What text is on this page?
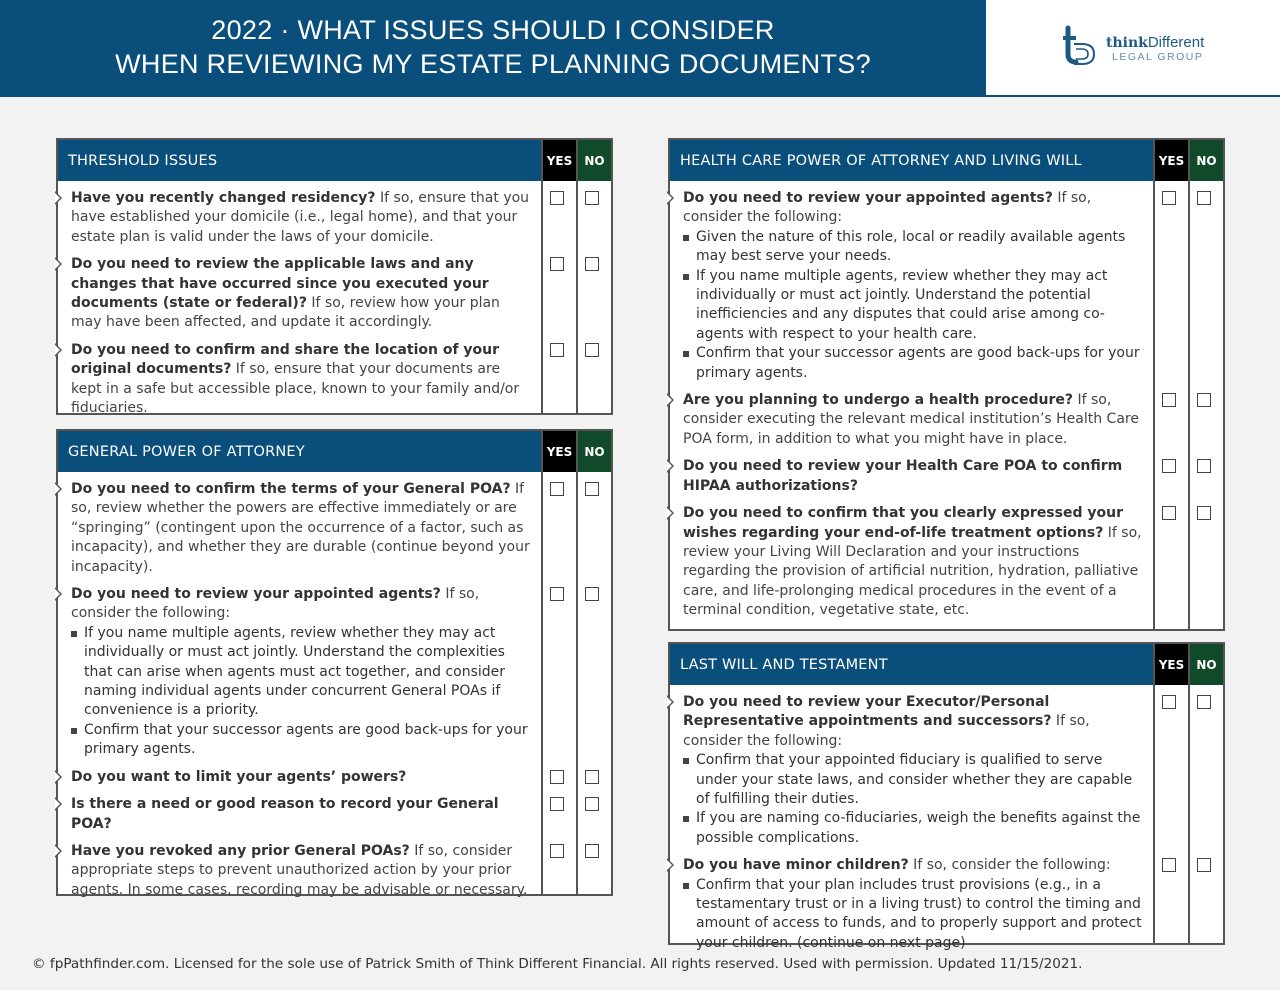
2022 · WHAT ISSUES SHOULD I CONSIDER
WHEN REVIEWING MY ESTATE PLANNING DOCUMENTS?
thinkDifferent
LEGAL GROUP
THRESHOLD ISSUES	YES	NO
Have you recently changed residency? If so, ensure that you have established your domicile (i.e., legal home), and that your estate plan is valid under the laws of your domicile.
Do you need to review the applicable laws and any changes that have occurred since you executed your documents (state or federal)? If so, review how your plan may have been affected, and update it accordingly.
Do you need to confirm and share the location of your original documents? If so, ensure that your documents are kept in a safe but accessible place, known to your family and/or fiduciaries.
GENERAL POWER OF ATTORNEY	YES	NO
Do you need to confirm the terms of your General POA? If so, review whether the powers are effective immediately or are “springing” (contingent upon the occurrence of a factor, such as incapacity), and whether they are durable (continue beyond your incapacity).
Do you need to review your appointed agents? If so, consider the following:
If you name multiple agents, review whether they may act individually or must act jointly. Understand the complexities that can arise when agents must act together, and consider naming individual agents under concurrent General POAs if convenience is a priority.
Confirm that your successor agents are good back-ups for your primary agents.
Do you want to limit your agents’ powers?
Is there a need or good reason to record your General POA?
Have you revoked any prior General POAs? If so, consider appropriate steps to prevent unauthorized action by your prior agents. In some cases, recording may be advisable or necessary.
HEALTH CARE POWER OF ATTORNEY AND LIVING WILL	YES	NO
Do you need to review your appointed agents? If so, consider the following:
Given the nature of this role, local or readily available agents may best serve your needs.
If you name multiple agents, review whether they may act individually or must act jointly. Understand the potential inefficiencies and any disputes that could arise among co-agents with respect to your health care.
Confirm that your successor agents are good back-ups for your primary agents.
Are you planning to undergo a health procedure? If so, consider executing the relevant medical institution’s Health Care POA form, in addition to what you might have in place.
Do you need to review your Health Care POA to confirm HIPAA authorizations?
Do you need to confirm that you clearly expressed your wishes regarding your end-of-life treatment options? If so, review your Living Will Declaration and your instructions regarding the provision of artificial nutrition, hydration, palliative care, and life-prolonging medical procedures in the event of a terminal condition, vegetative state, etc.
LAST WILL AND TESTAMENT	YES	NO
Do you need to review your Executor/Personal Representative appointments and successors? If so, consider the following:
Confirm that your appointed fiduciary is qualified to serve under your state laws, and consider whether they are capable of fulfilling their duties.
If you are naming co-fiduciaries, weigh the benefits against the possible complications.
Do you have minor children? If so, consider the following:
Confirm that your plan includes trust provisions (e.g., in a testamentary trust or in a living trust) to control the timing and amount of access to funds, and to properly support and protect your children. (continue on next page)
© fpPathfinder.com. Licensed for the sole use of Patrick Smith of Think Different Financial. All rights reserved. Used with permission. Updated 11/15/2021.
